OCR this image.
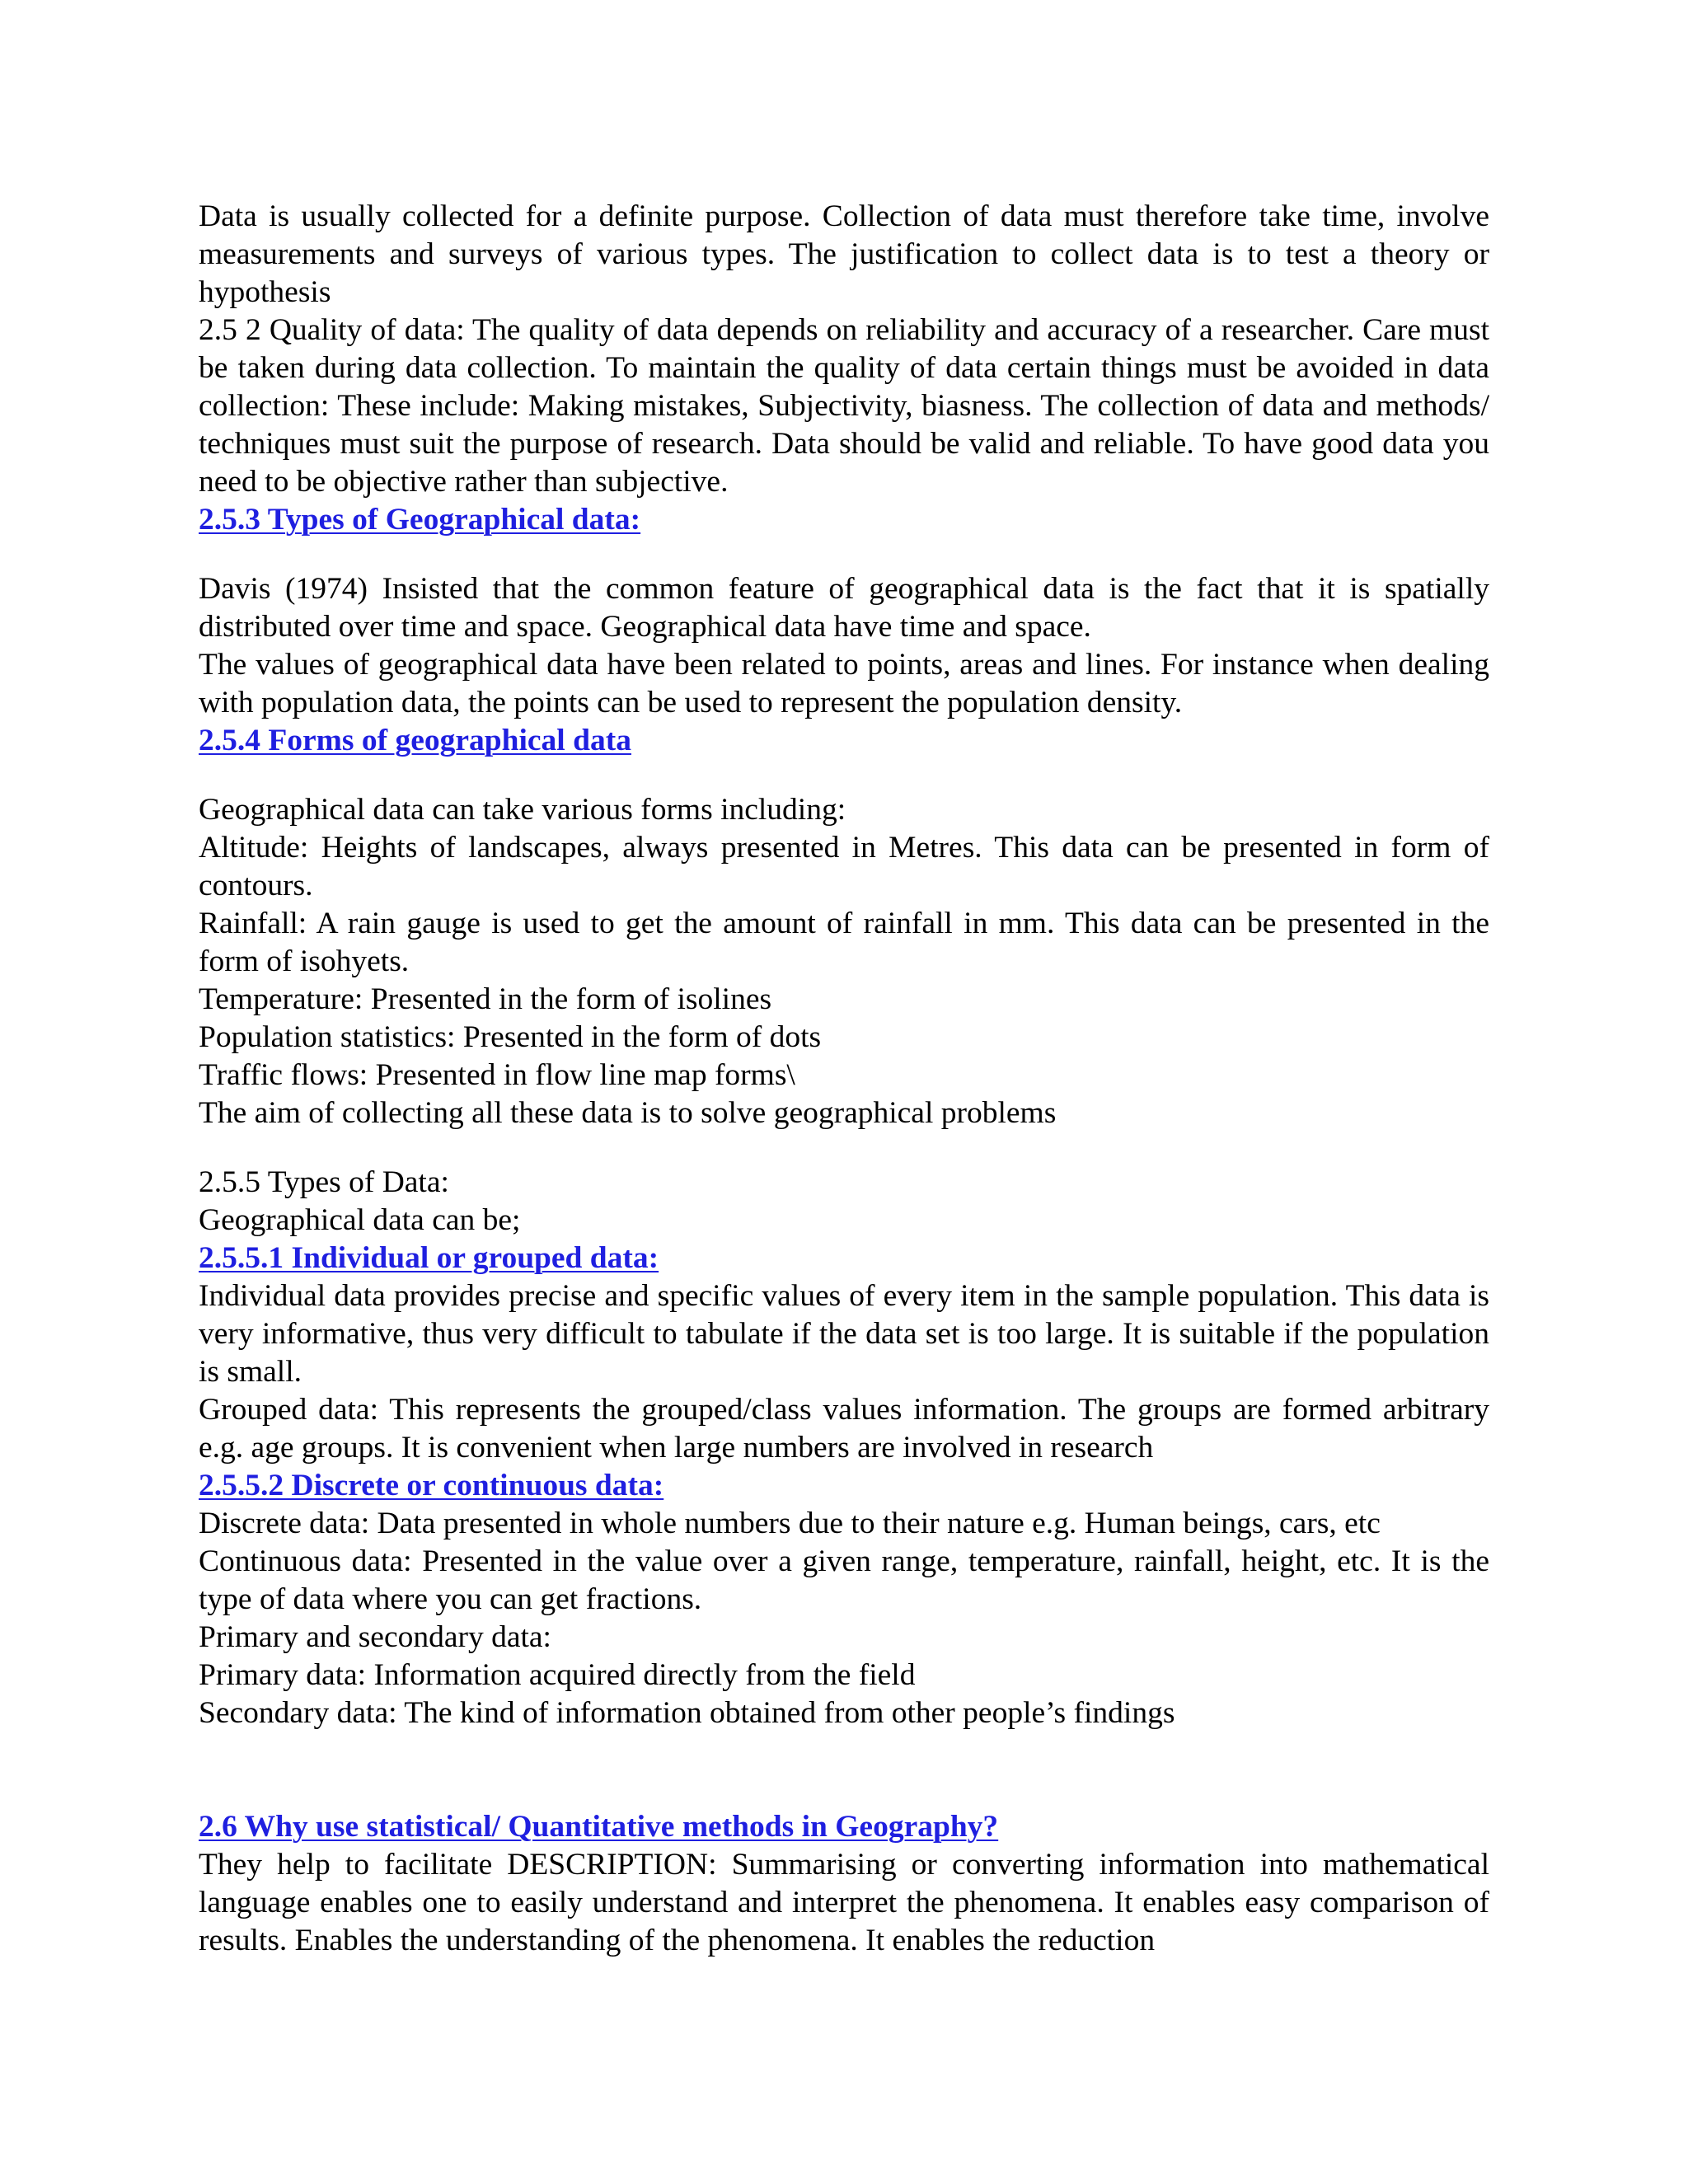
Data is usually collected for a definite purpose. Collection of data must therefore take time, involve measurements and surveys of various types. The justification to collect data is to test a theory or hypothesis

2.5 2 Quality of data: The quality of data depends on reliability and accuracy of a researcher. Care must be taken during data collection. To maintain the quality of data certain things must be avoided in data collection: These include: Making mistakes, Subjectivity, biasness. The collection of data and methods/ techniques must suit the purpose of research. Data should be valid and reliable. To have good data you need to be objective rather than subjective.

2.5.3 Types of Geographical data:

Davis (1974) Insisted that the common feature of geographical data is the fact that it is spatially distributed over time and space. Geographical data have time and space.

The values of geographical data have been related to points, areas and lines. For instance when dealing with population data, the points can be used to represent the population density.

2.5.4 Forms of geographical data

Geographical data can take various forms including:

Altitude: Heights of landscapes, always presented in Metres. This data can be presented in form of contours.

Rainfall: A rain gauge is used to get the amount of rainfall in mm. This data can be presented in the form of isohyets.

Temperature: Presented in the form of isolines

Population statistics: Presented in the form of dots

Traffic flows: Presented in flow line map forms\

The aim of collecting all these data is to solve geographical problems

2.5.5 Types of Data:

Geographical data can be;

2.5.5.1 Individual or grouped data:

Individual data provides precise and specific values of every item in the sample population. This data is very informative, thus very difficult to tabulate if the data set is too large. It is suitable if the population is small.

Grouped data: This represents the grouped/class values information. The groups are formed arbitrary e.g. age groups. It is convenient when large numbers are involved in research

2.5.5.2 Discrete or continuous data:

Discrete data: Data presented in whole numbers due to their nature e.g. Human beings, cars, etc

Continuous data: Presented in the value over a given range, temperature, rainfall, height, etc. It is the type of data where you can get fractions.

Primary and secondary data:

Primary data: Information acquired directly from the field

Secondary data: The kind of information obtained from other people’s findings

2.6 Why use statistical/ Quantitative methods in Geography?

They help to facilitate DESCRIPTION: Summarising or converting information into mathematical language enables one to easily understand and interpret the phenomena. It enables easy comparison of results. Enables the understanding of the phenomena. It enables the reduction
